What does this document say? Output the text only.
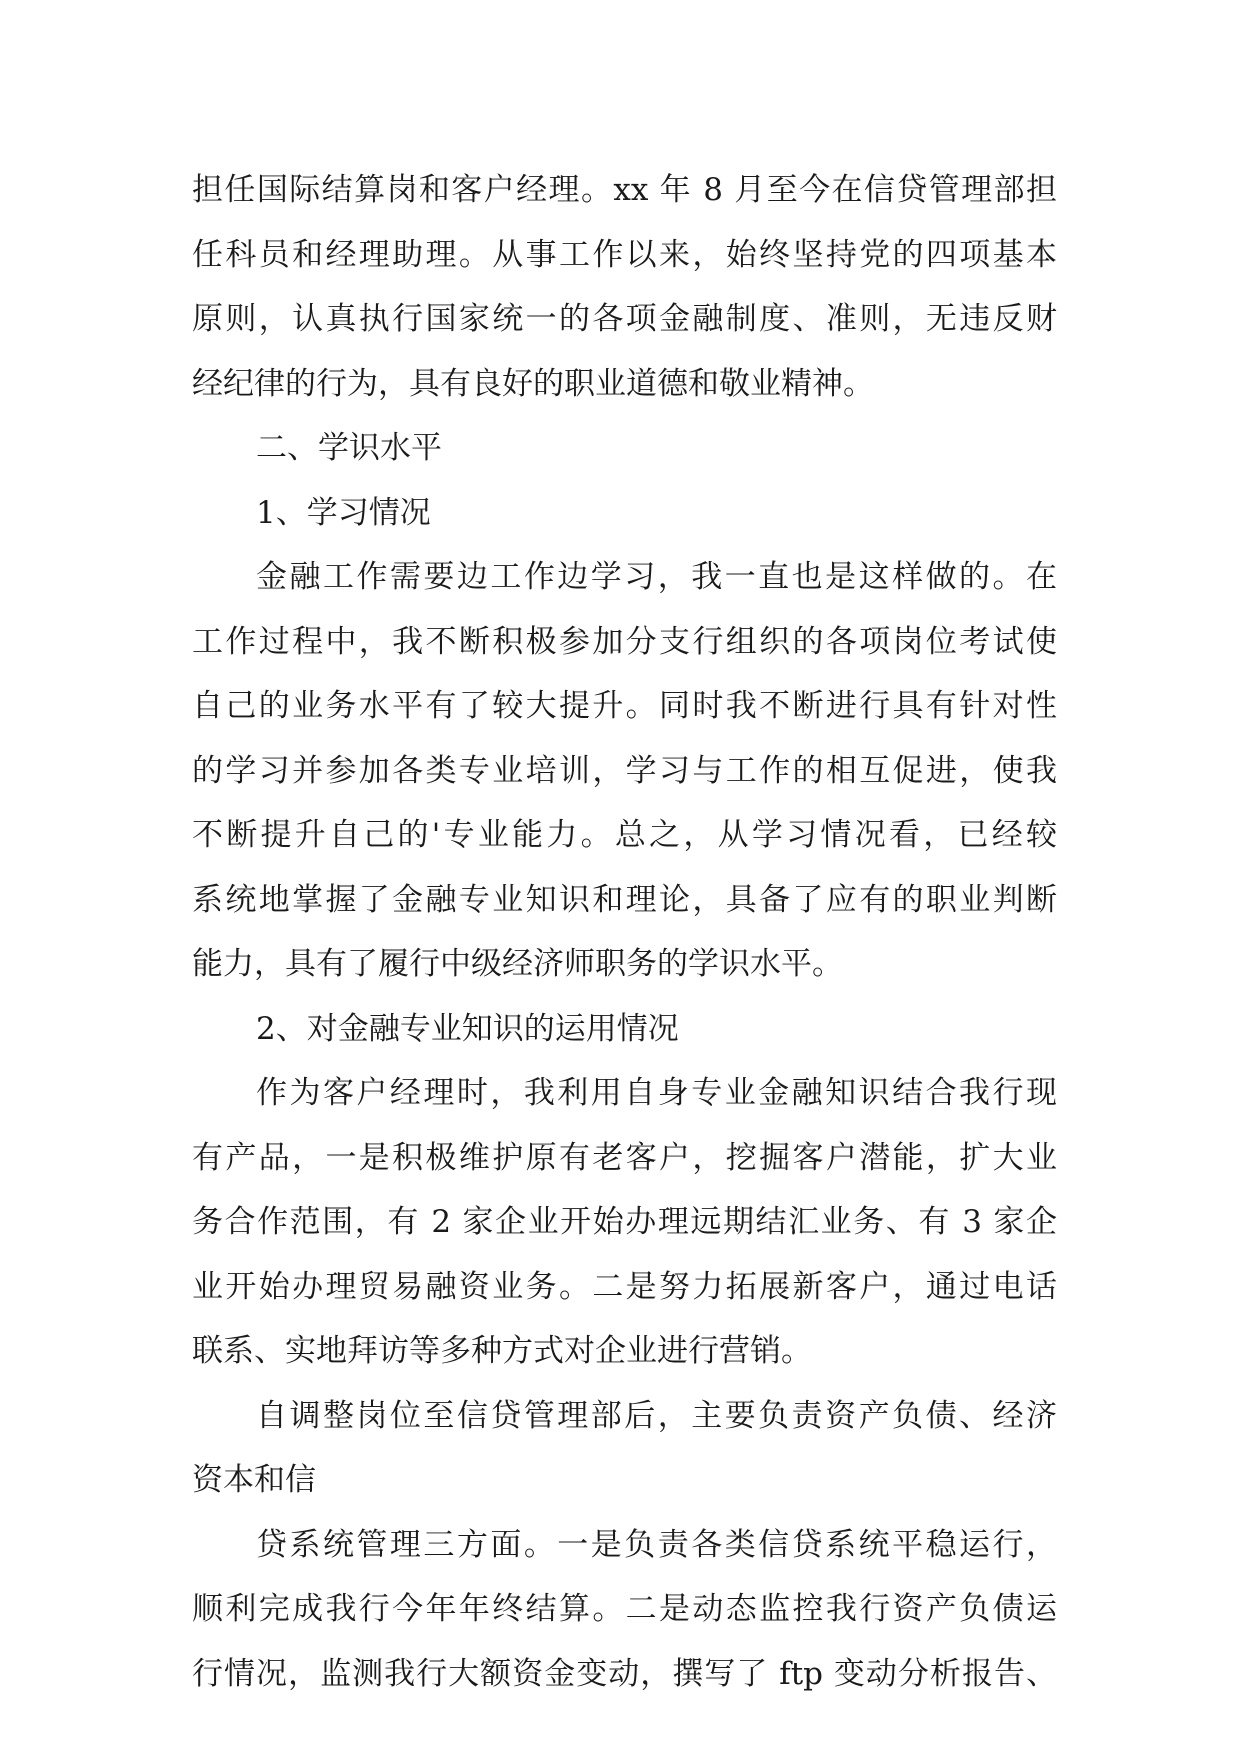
担任国际结算岗和客户经理。xx 年 8 月至今在信贷管理部担
任科员和经理助理。从事工作以来，始终坚持党的四项基本
原则，认真执行国家统一的各项金融制度、准则，无违反财
经纪律的行为，具有良好的职业道德和敬业精神。
二、学识水平
1、学习情况
金融工作需要边工作边学习，我一直也是这样做的。在
工作过程中，我不断积极参加分支行组织的各项岗位考试使
自己的业务水平有了较大提升。同时我不断进行具有针对性
的学习并参加各类专业培训，学习与工作的相互促进，使我
不断提升自己的'专业能力。总之，从学习情况看，已经较
系统地掌握了金融专业知识和理论，具备了应有的职业判断
能力，具有了履行中级经济师职务的学识水平。
2、对金融专业知识的运用情况
作为客户经理时，我利用自身专业金融知识结合我行现
有产品，一是积极维护原有老客户，挖掘客户潜能，扩大业
务合作范围，有 2 家企业开始办理远期结汇业务、有 3 家企
业开始办理贸易融资业务。二是努力拓展新客户，通过电话
联系、实地拜访等多种方式对企业进行营销。
自调整岗位至信贷管理部后，主要负责资产负债、经济
资本和信
贷系统管理三方面。一是负责各类信贷系统平稳运行，
顺利完成我行今年年终结算。二是动态监控我行资产负债运
行情况，监测我行大额资金变动，撰写了 ftp 变动分析报告、
